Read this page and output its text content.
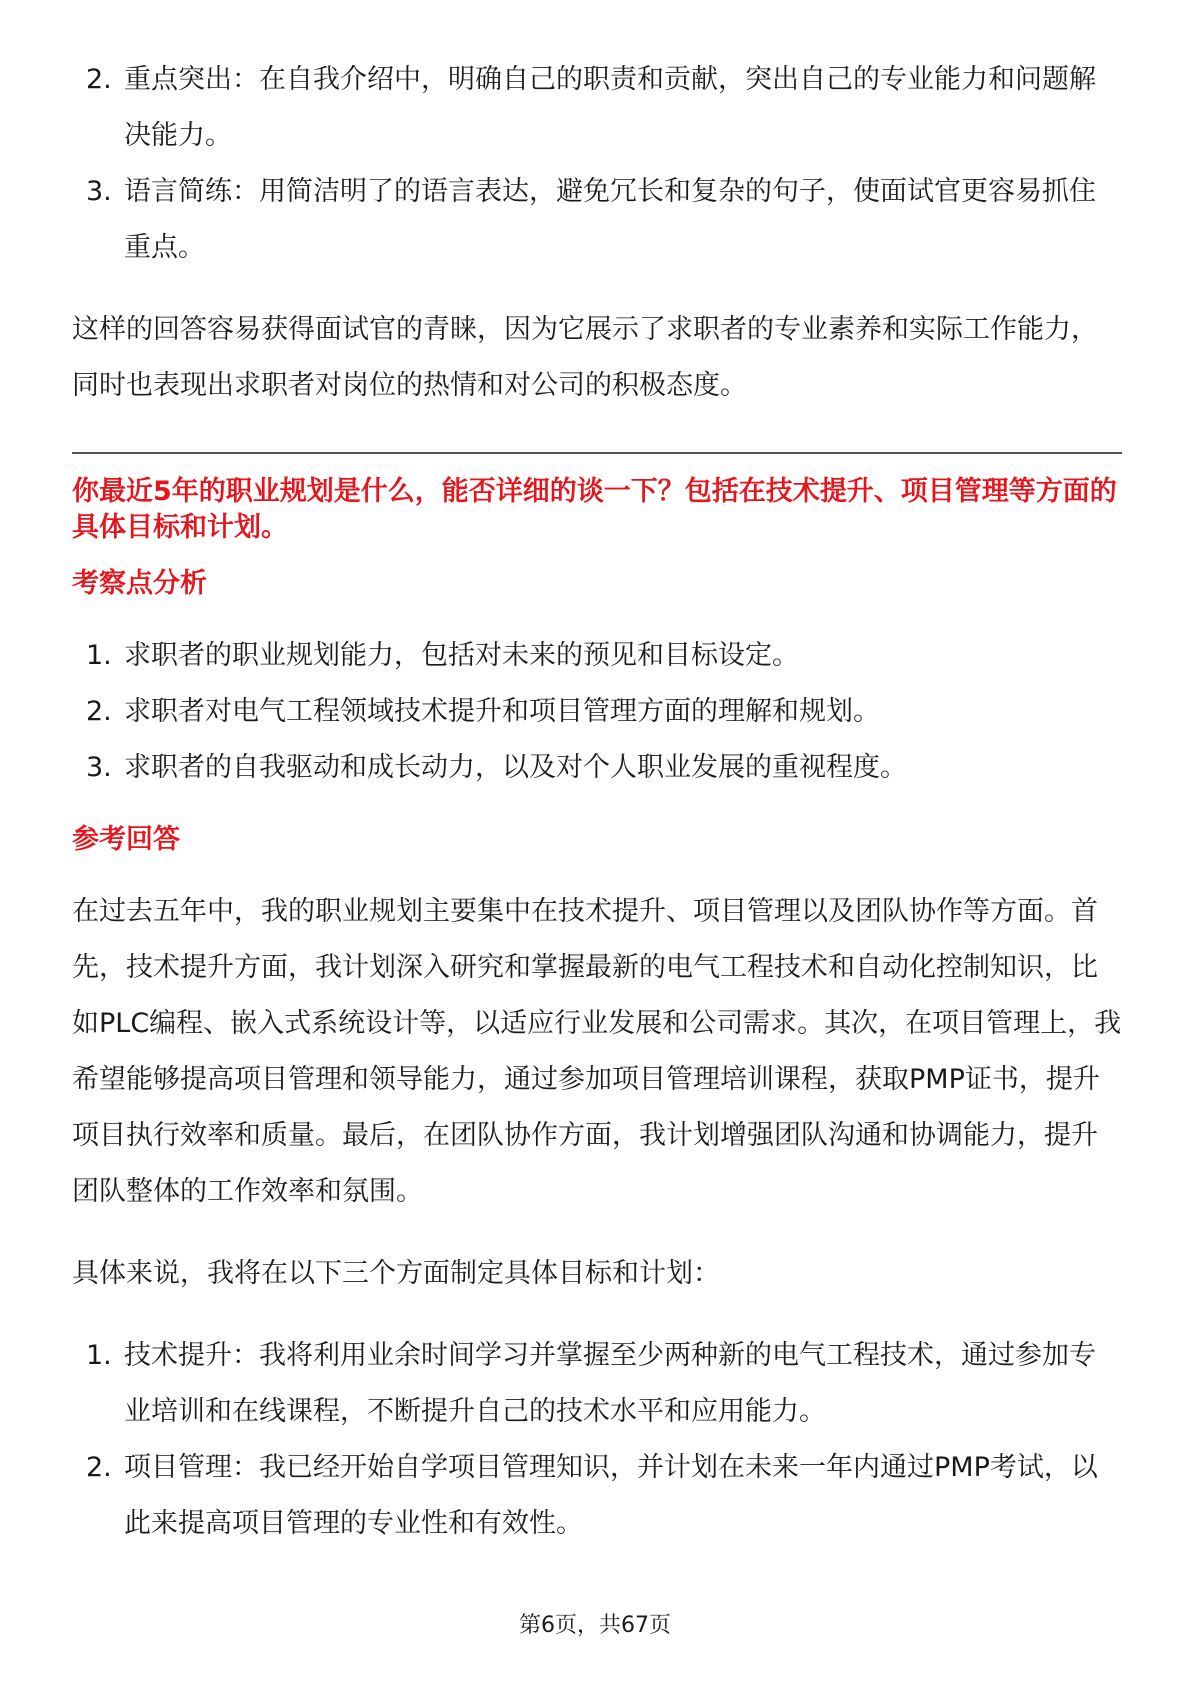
2. 重点突出：在自我介绍中，明确自己的职责和贡献，突出自己的专业能力和问题解决能力。
3. 语言简练：用简洁明了的语言表达，避免冗长和复杂的句子，使面试官更容易抓住重点。

这样的回答容易获得面试官的青睐，因为它展示了求职者的专业素养和实际工作能力，同时也表现出求职者对岗位的热情和对公司的积极态度。

你最近5年的职业规划是什么，能否详细的谈一下？包括在技术提升、项目管理等方面的具体目标和计划。

考察点分析

1. 求职者的职业规划能力，包括对未来的预见和目标设定。
2. 求职者对电气工程领域技术提升和项目管理方面的理解和规划。
3. 求职者的自我驱动和成长动力，以及对个人职业发展的重视程度。

参考回答

在过去五年中，我的职业规划主要集中在技术提升、项目管理以及团队协作等方面。首先，技术提升方面，我计划深入研究和掌握最新的电气工程技术和自动化控制知识，比如PLC编程、嵌入式系统设计等，以适应行业发展和公司需求。其次，在项目管理上，我希望能够提高项目管理和领导能力，通过参加项目管理培训课程，获取PMP证书，提升项目执行效率和质量。最后，在团队协作方面，我计划增强团队沟通和协调能力，提升团队整体的工作效率和氛围。

具体来说，我将在以下三个方面制定具体目标和计划：

1. 技术提升：我将利用业余时间学习并掌握至少两种新的电气工程技术，通过参加专业培训和在线课程，不断提升自己的技术水平和应用能力。
2. 项目管理：我已经开始自学项目管理知识，并计划在未来一年内通过PMP考试，以此来提高项目管理的专业性和有效性。
第6页，共67页
